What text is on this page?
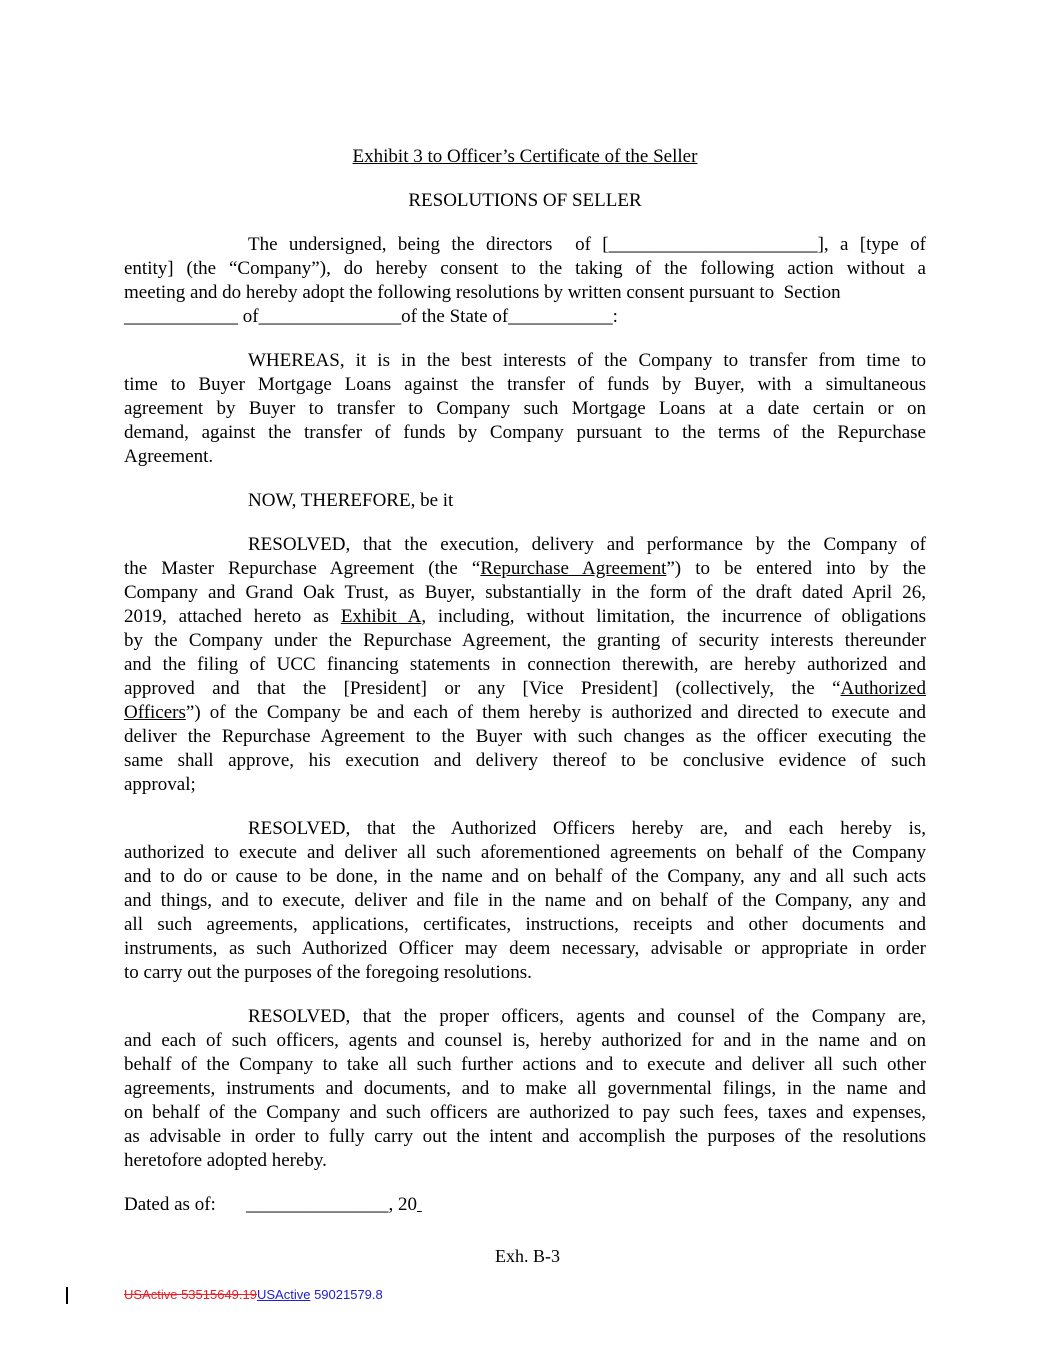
Exhibit 3 to Officer’s Certificate of the Seller
RESOLUTIONS OF SELLER
The undersigned, being the directors  of [______________________], a [type of
entity] (the “Company”), do hereby consent to the taking of the following action without a
meeting and do hereby adopt the following resolutions by written consent pursuant to  Section
____________ of_______________of the State of___________:
WHEREAS, it is in the best interests of the Company to transfer from time to
time to Buyer Mortgage Loans against the transfer of funds by Buyer, with a simultaneous
agreement by Buyer to transfer to Company such Mortgage Loans at a date certain or on
demand, against the transfer of funds by Company pursuant to the terms of the Repurchase
Agreement.
NOW, THEREFORE, be it
RESOLVED, that the execution, delivery and performance by the Company of
the Master Repurchase Agreement (the “Repurchase Agreement”) to be entered into by the
Company and Grand Oak Trust, as Buyer, substantially in the form of the draft dated April 26,
2019, attached hereto as Exhibit A, including, without limitation, the incurrence of obligations
by the Company under the Repurchase Agreement, the granting of security interests thereunder
and the filing of UCC financing statements in connection therewith, are hereby authorized and
approved and that the [President] or any [Vice President] (collectively, the “Authorized
Officers”) of the Company be and each of them hereby is authorized and directed to execute and
deliver the Repurchase Agreement to the Buyer with such changes as the officer executing the
same shall approve, his execution and delivery thereof to be conclusive evidence of such
approval;
RESOLVED, that the Authorized Officers hereby are, and each hereby is,
authorized to execute and deliver all such aforementioned agreements on behalf of the Company
and to do or cause to be done, in the name and on behalf of the Company, any and all such acts
and things, and to execute, deliver and file in the name and on behalf of the Company, any and
all such agreements, applications, certificates, instructions, receipts and other documents and
instruments, as such Authorized Officer may deem necessary, advisable or appropriate in order
to carry out the purposes of the foregoing resolutions.
RESOLVED, that the proper officers, agents and counsel of the Company are,
and each of such officers, agents and counsel is, hereby authorized for and in the name and on
behalf of the Company to take all such further actions and to execute and deliver all such other
agreements, instruments and documents, and to make all governmental filings, in the name and
on behalf of the Company and such officers are authorized to pay such fees, taxes and expenses,
as advisable in order to fully carry out the intent and accomplish the purposes of the resolutions
heretofore adopted hereby.
Dated as of: _______________, 20
Exh. B-3
USActive 53515649.19USActive 59021579.8
